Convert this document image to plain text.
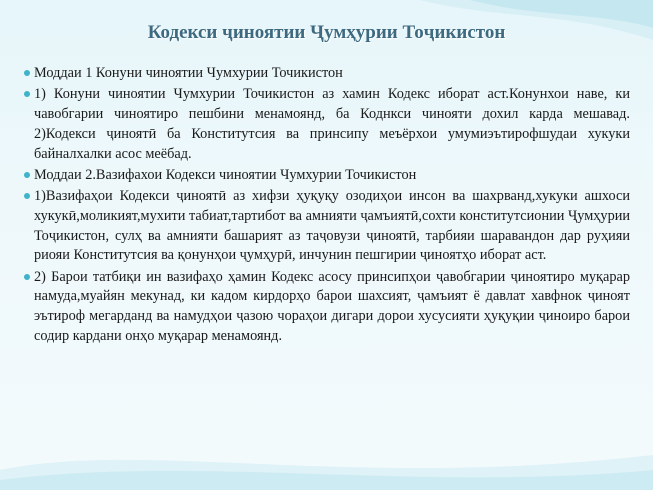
Кодекси ҷиноятии Ҷумҳурии Тоҷикистон
Моддаи 1 Конуни чиноятии Чумхурии Точикистон
1) Конуни чиноятии Чумхурии Точикистон аз хамин Кодекс иборат аст.Конунхои наве, ки чавобгарии чиноятиро пешбини менамоянд, ба Коднкси чинояти дохил карда мешавад. 2)Кодекси ҷиноятӣ ба Конститутсия ва принсипу меъёрхои умумиэътирофшудаи хукуки байналхалки асос меёбад.
Моддаи 2.Вазифахои Кодекси чиноятии Чумхурии Точикистон
1)Вазифаҳои Кодекси ҷиноятӣ аз хифзи ҳуқуқу озодиҳои инсон ва шахрванд,хукуки ашхоси хукукӣ,моликият,мухити табиат,тартибот ва амнияти ҷамъиятӣ,сохти конститутсионии Ҷумҳурии Тоҷикистон, сулҳ ва амнияти башарият аз таҷовузи ҷиноятӣ, тарбияи шаравандон дар руҳияи риояи Конститутсия ва қонунҳои ҷумҳурӣ, инчунин пешгирии ҷиноятҳо иборат аст.
2) Барои татбиқи ин вазифаҳо ҳамин Кодекс асосу принсипҳои ҷавобгарии ҷиноятиро муқарар намуда,муайян мекунад, ки кадом кирдорҳо барои шахсият, ҷамъият ё давлат хавфнок ҷиноят эътироф мегарданд ва намудҳои ҷазою чораҳои дигари дорои хусусияти ҳуқуқии ҷиноиро барои содир кардани онҳо муқарар менамоянд.
